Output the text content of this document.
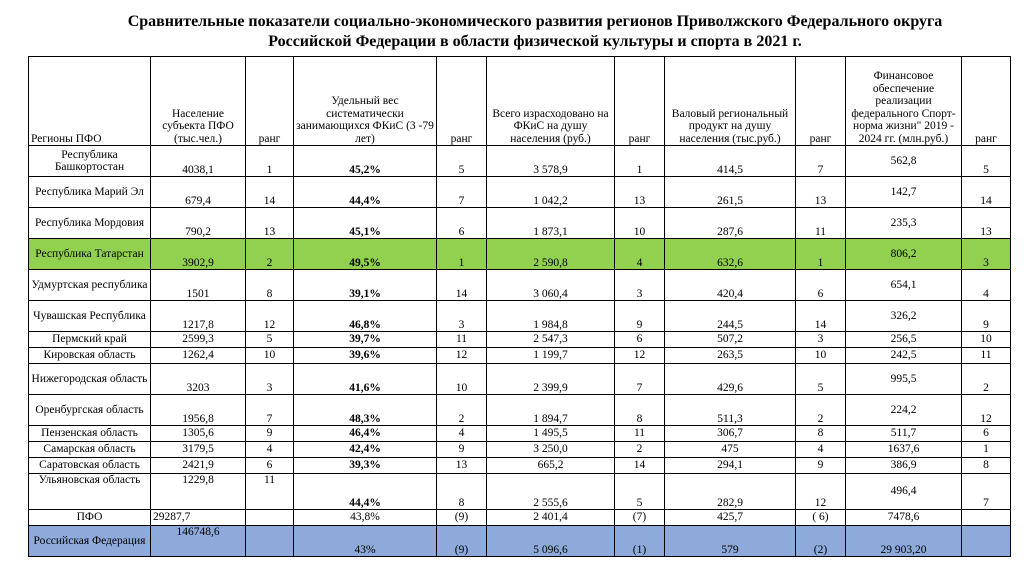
Сравнительные показатели социально-экономического развития регионов Приволжского Федерального округа
Российской Федерации в области физической культуры и спорта в 2021 г.
Регионы ПФО	Население субъекта ПФО (тыс.чел.)	ранг	Удельный вес систематически занимающихся ФКиС (3 -79 лет)	ранг	Всего израсходовано на ФКиС на душу населения (руб.)	ранг	Валовый региональный продукт на душу населения (тыс.руб.)	ранг	Финансовое обеспечение реализации федерального Спорт-норма жизни" 2019 - 2024 гг. (млн.руб.)	ранг
Республика Башкортостан	4038,1	1	45,2%	5	3 578,9	1	414,5	7	562,8	5
Республика Марий Эл	679,4	14	44,4%	7	1 042,2	13	261,5	13	142,7	14
Республика Мордовия	790,2	13	45,1%	6	1 873,1	10	287,6	11	235,3	13
Республика Татарстан	3902,9	2	49,5%	1	2 590,8	4	632,6	1	806,2	3
Удмуртская республика	1501	8	39,1%	14	3 060,4	3	420,4	6	654,1	4
Чувашская Республика	1217,8	12	46,8%	3	1 984,8	9	244,5	14	326,2	9
Пермский край	2599,3	5	39,7%	11	2 547,3	6	507,2	3	256,5	10
Кировская область	1262,4	10	39,6%	12	1 199,7	12	263,5	10	242,5	11
Нижегородская область	3203	3	41,6%	10	2 399,9	7	429,6	5	995,5	2
Оренбургская область	1956,8	7	48,3%	2	1 894,7	8	511,3	2	224,2	12
Пензенская область	1305,6	9	46,4%	4	1 495,5	11	306,7	8	511,7	6
Самарская область	3179,5	4	42,4%	9	3 250,0	2	475	4	1637,6	1
Саратовская область	2421,9	6	39,3%	13	665,2	14	294,1	9	386,9	8
Ульяновская область	1229,8	11	44,4%	8	2 555,6	5	282,9	12	496,4	7
ПФО	29287,7		43,8%	(9)	2 401,4	(7)	425,7	( 6)	7478,6	
Российская Федерация	146748,6		43%	(9)	5 096,6	(1)	579	(2)	29 903,20	
